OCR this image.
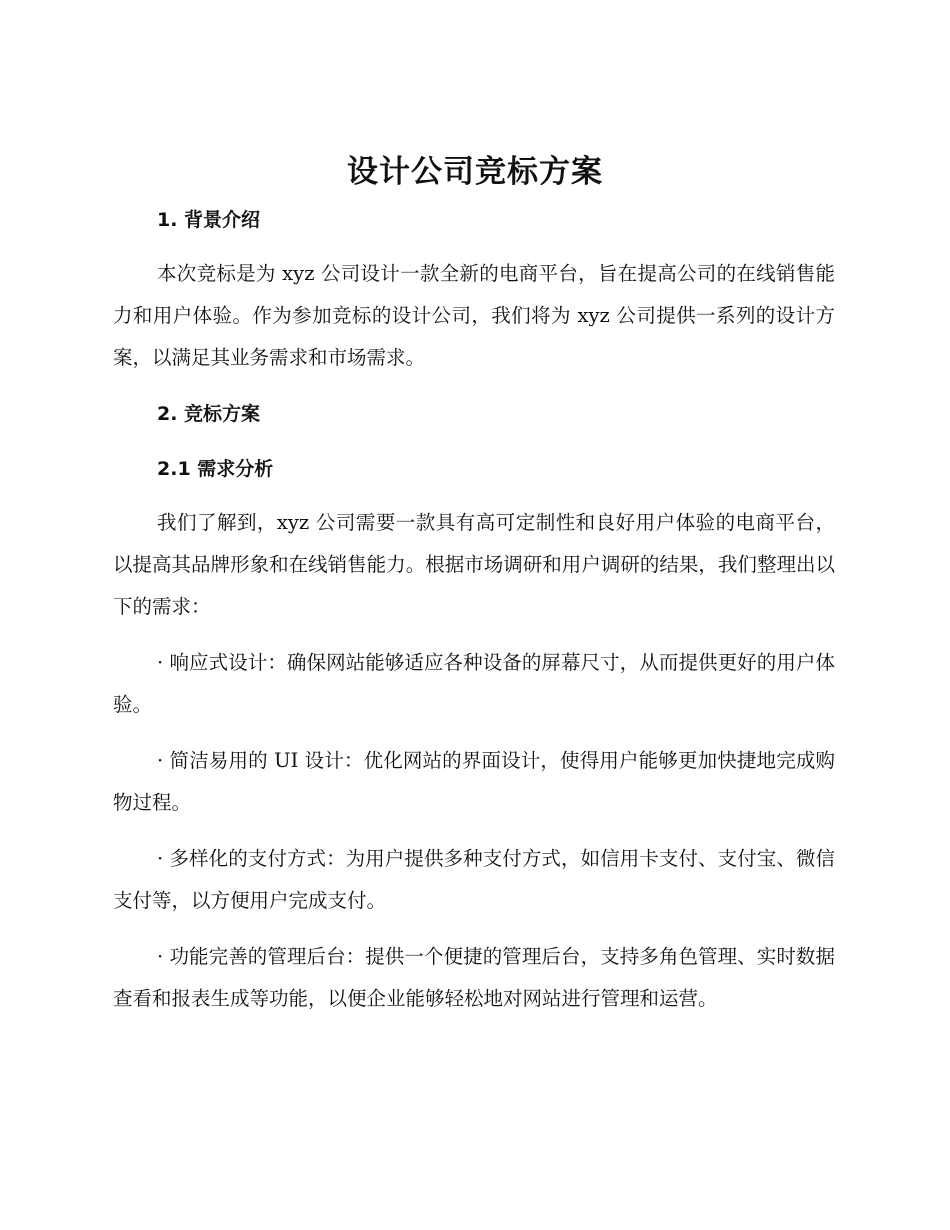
设计公司竞标方案
1. 背景介绍

本次竞标是为 xyz 公司设计一款全新的电商平台，旨在提高公司的在线销售能力和用户体验。作为参加竞标的设计公司，我们将为 xyz 公司提供一系列的设计方案，以满足其业务需求和市场需求。

2. 竞标方案
2.1 需求分析

我们了解到，xyz 公司需要一款具有高可定制性和良好用户体验的电商平台，以提高其品牌形象和在线销售能力。根据市场调研和用户调研的结果，我们整理出以下的需求：

· 响应式设计：确保网站能够适应各种设备的屏幕尺寸，从而提供更好的用户体验。

· 简洁易用的 UI 设计：优化网站的界面设计，使得用户能够更加快捷地完成购物过程。

· 多样化的支付方式：为用户提供多种支付方式，如信用卡支付、支付宝、微信支付等，以方便用户完成支付。

· 功能完善的管理后台：提供一个便捷的管理后台，支持多角色管理、实时数据查看和报表生成等功能，以便企业能够轻松地对网站进行管理和运营。
